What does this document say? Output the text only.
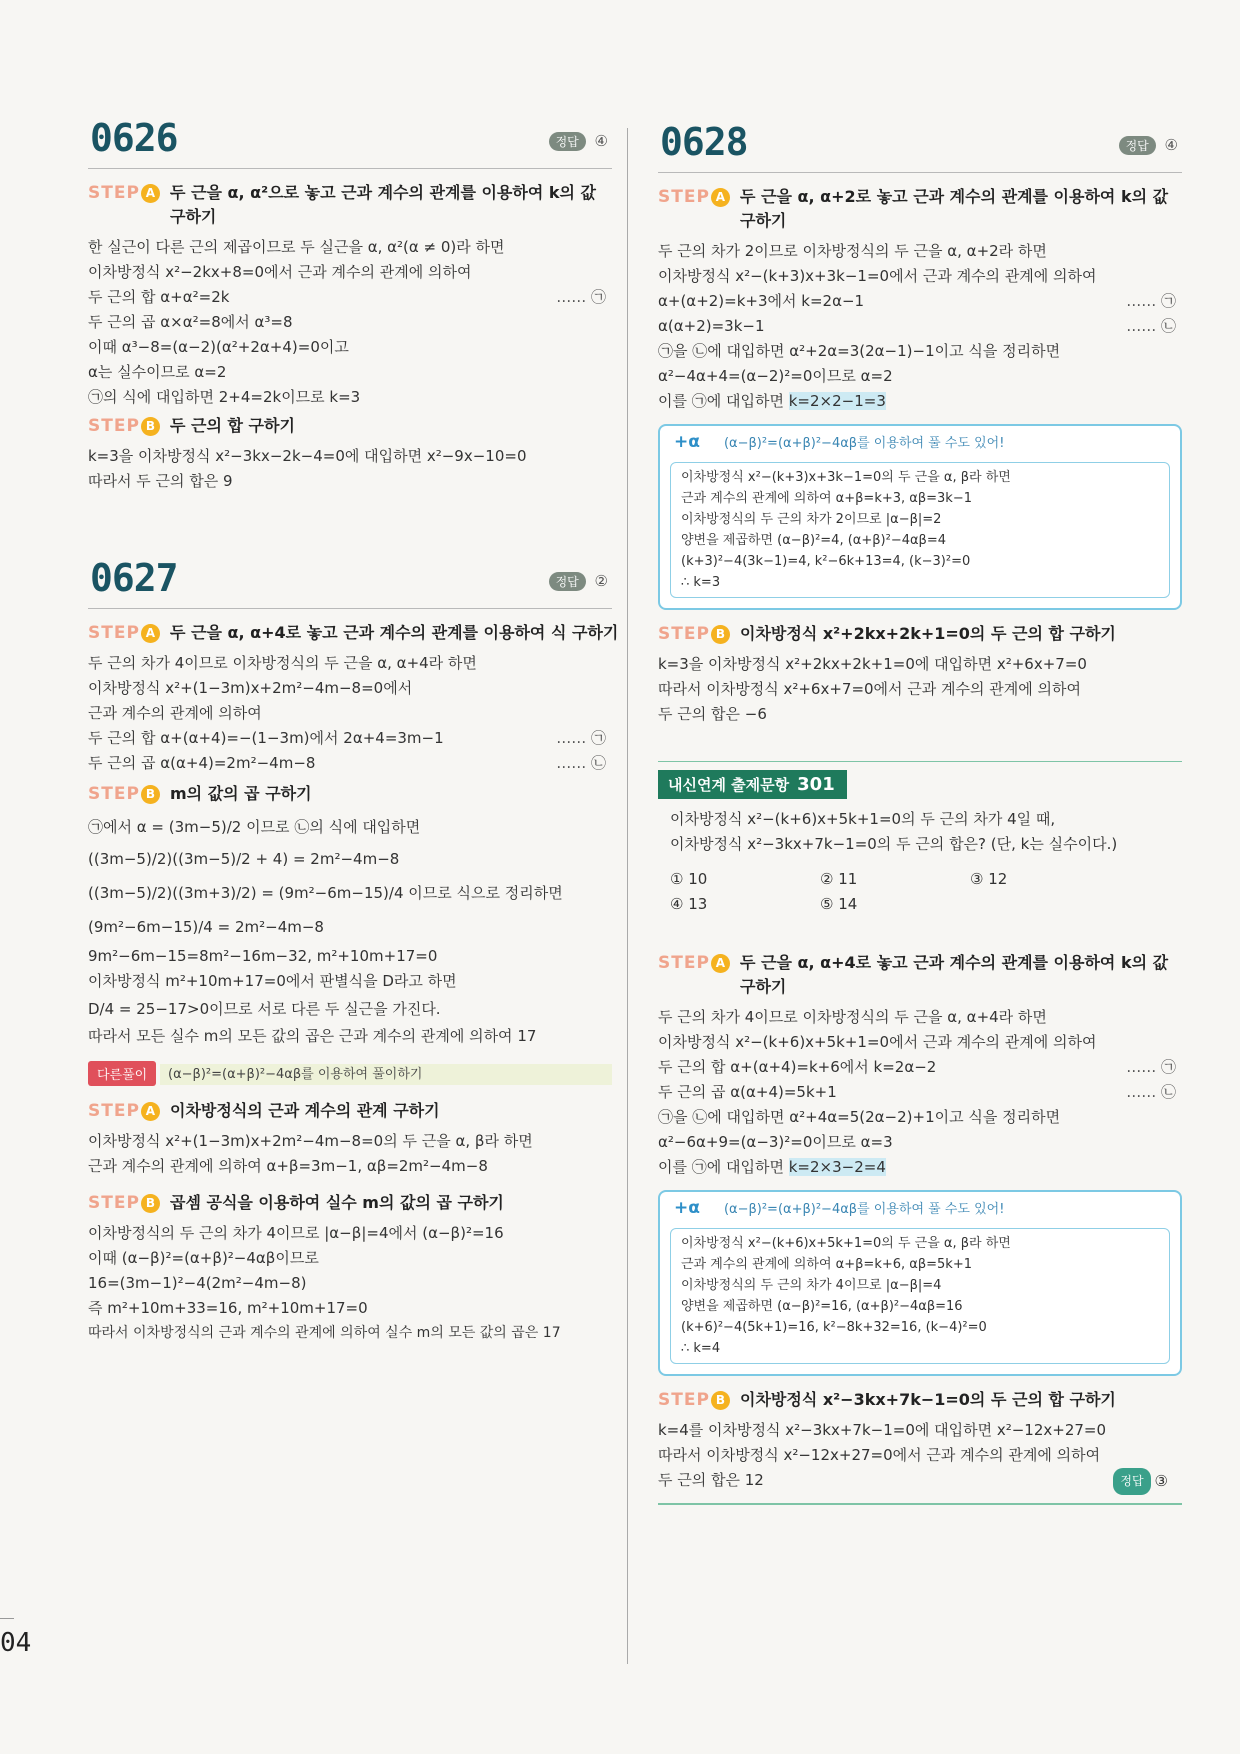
04
0626	정답 ④
STEP A 두 근을 α, α²으로 놓고 근과 계수의 관계를 이용하여 k의 값
구하기
한 실근이 다른 근의 제곱이므로 두 실근을 α, α²(α ≠ 0)라 하면
이차방정식 x²−2kx+8=0에서 근과 계수의 관계에 의하여
두 근의 합 α+α²=2k	…… ㉠
두 근의 곱 α×α²=8에서 α³=8
이때 α³−8=(α−2)(α²+2α+4)=0이고
α는 실수이므로 α=2
㉠의 식에 대입하면 2+4=2k이므로 k=3
STEP B 두 근의 합 구하기
k=3을 이차방정식 x²−3kx−2k−4=0에 대입하면 x²−9x−10=0
따라서 두 근의 합은 9
0627	정답 ②
STEP A 두 근을 α, α+4로 놓고 근과 계수의 관계를 이용하여 식 구하기
두 근의 차가 4이므로 이차방정식의 두 근을 α, α+4라 하면
이차방정식 x²+(1−3m)x+2m²−4m−8=0에서
근과 계수의 관계에 의하여
두 근의 합 α+(α+4)=−(1−3m)에서 2α+4=3m−1	…… ㉠
두 근의 곱 α(α+4)=2m²−4m−8	…… ㉡
STEP B m의 값의 곱 구하기
㉠에서 α = (3m−5)/2 이므로 ㉡의 식에 대입하면
((3m−5)/2)((3m−5)/2 + 4) = 2m²−4m−8
((3m−5)/2)((3m+3)/2) = (9m²−6m−15)/4 이므로 식으로 정리하면
(9m²−6m−15)/4 = 2m²−4m−8
9m²−6m−15=8m²−16m−32, m²+10m+17=0
이차방정식 m²+10m+17=0에서 판별식을 D라고 하면
D/4 = 25−17>0이므로 서로 다른 두 실근을 가진다.
따라서 모든 실수 m의 모든 값의 곱은 근과 계수의 관계에 의하여 17
다른풀이	(α−β)²=(α+β)²−4αβ를 이용하여 풀이하기
STEP A 이차방정식의 근과 계수의 관계 구하기
이차방정식 x²+(1−3m)x+2m²−4m−8=0의 두 근을 α, β라 하면
근과 계수의 관계에 의하여 α+β=3m−1, αβ=2m²−4m−8
STEP B 곱셈 공식을 이용하여 실수 m의 값의 곱 구하기
이차방정식의 두 근의 차가 4이므로 |α−β|=4에서 (α−β)²=16
이때 (α−β)²=(α+β)²−4αβ이므로
16=(3m−1)²−4(2m²−4m−8)
즉 m²+10m+33=16, m²+10m+17=0
따라서 이차방정식의 근과 계수의 관계에 의하여 실수 m의 모든 값의 곱은 17
0628	정답 ④
STEP A 두 근을 α, α+2로 놓고 근과 계수의 관계를 이용하여 k의 값
구하기
두 근의 차가 2이므로 이차방정식의 두 근을 α, α+2라 하면
이차방정식 x²−(k+3)x+3k−1=0에서 근과 계수의 관계에 의하여
α+(α+2)=k+3에서 k=2α−1	…… ㉠
α(α+2)=3k−1	…… ㉡
㉠을 ㉡에 대입하면 α²+2α=3(2α−1)−1이고 식을 정리하면
α²−4α+4=(α−2)²=0이므로 α=2
이를 ㉠에 대입하면 k=2×2−1=3
+α (α−β)²=(α+β)²−4αβ를 이용하여 풀 수도 있어!
이차방정식 x²−(k+3)x+3k−1=0의 두 근을 α, β라 하면
근과 계수의 관계에 의하여 α+β=k+3, αβ=3k−1
이차방정식의 두 근의 차가 2이므로 |α−β|=2
양변을 제곱하면 (α−β)²=4, (α+β)²−4αβ=4
(k+3)²−4(3k−1)=4, k²−6k+13=4, (k−3)²=0
∴ k=3
STEP B 이차방정식 x²+2kx+2k+1=0의 두 근의 합 구하기
k=3을 이차방정식 x²+2kx+2k+1=0에 대입하면 x²+6x+7=0
따라서 이차방정식 x²+6x+7=0에서 근과 계수의 관계에 의하여
두 근의 합은 −6
내신연계 출제문항 301
이차방정식 x²−(k+6)x+5k+1=0의 두 근의 차가 4일 때,
이차방정식 x²−3kx+7k−1=0의 두 근의 합은? (단, k는 실수이다.)
① 10	② 11	③ 12
④ 13	⑤ 14
STEP A 두 근을 α, α+4로 놓고 근과 계수의 관계를 이용하여 k의 값
구하기
두 근의 차가 4이므로 이차방정식의 두 근을 α, α+4라 하면
이차방정식 x²−(k+6)x+5k+1=0에서 근과 계수의 관계에 의하여
두 근의 합 α+(α+4)=k+6에서 k=2α−2	…… ㉠
두 근의 곱 α(α+4)=5k+1	…… ㉡
㉠을 ㉡에 대입하면 α²+4α=5(2α−2)+1이고 식을 정리하면
α²−6α+9=(α−3)²=0이므로 α=3
이를 ㉠에 대입하면 k=2×3−2=4
+α (α−β)²=(α+β)²−4αβ를 이용하여 풀 수도 있어!
이차방정식 x²−(k+6)x+5k+1=0의 두 근을 α, β라 하면
근과 계수의 관계에 의하여 α+β=k+6, αβ=5k+1
이차방정식의 두 근의 차가 4이므로 |α−β|=4
양변을 제곱하면 (α−β)²=16, (α+β)²−4αβ=16
(k+6)²−4(5k+1)=16, k²−8k+32=16, (k−4)²=0
∴ k=4
STEP B 이차방정식 x²−3kx+7k−1=0의 두 근의 합 구하기
k=4를 이차방정식 x²−3kx+7k−1=0에 대입하면 x²−12x+27=0
따라서 이차방정식 x²−12x+27=0에서 근과 계수의 관계에 의하여
두 근의 합은 12	정답 ③
